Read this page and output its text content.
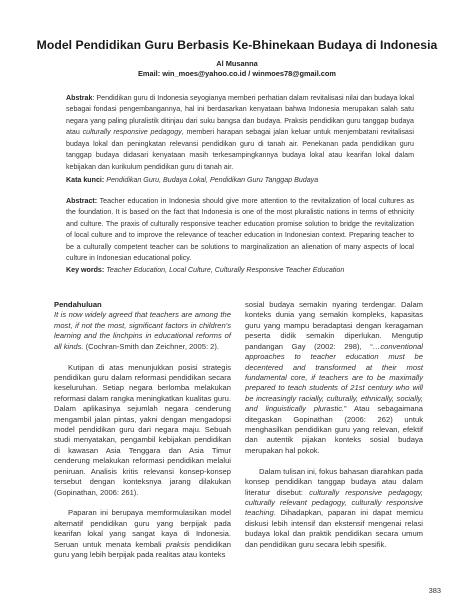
Model Pendidikan Guru Berbasis Ke-Bhinekaan Budaya di Indonesia
Al Musanna
Email: win_moes@yahoo.co.id / winmoes78@gmail.com

Abstrak: Pendidikan guru di Indonesia seyogianya memberi perhatian dalam revitalisasi nilai dan budaya lokal sebagai fondasi pengembangannya, hal ini berdasarkan kenyataan bahwa Indonesia merupakan salah satu negara yang paling pluralistik ditinjau dari suku bangsa dan budaya. Praksis pendidikan guru tanggap budaya atau culturally responsive pedagogy, memberi harapan sebagai jalan keluar untuk menjembatani revitalisasi budaya lokal dan peningkatan relevansi pendidikan guru di tanah air. Penekanan pada pendidikan guru tanggap budaya didasari kenyataan masih terkesampingkannya budaya lokal atau kearifan lokal dalam kebijakan dan kurikulum pendidikan guru di tanah air.

Kata kunci: Pendidikan Guru, Budaya Lokal, Pendidikan Guru Tanggap Budaya

Abstract: Teacher education in Indonesia should give more attention to the revitalization of local cultures as the foundation. It is based on the fact that Indonesia is one of the most pluralistic nations in terms of ethnicity and culture. The praxis of culturally responsive teacher education promise solution to bridge the revitalization of local culture and to improve the relevance of teacher education in Indonesian context. Preparing teacher to be a culturally competent teacher can be solutions to marginalization an alienation of many aspects of local culture in Indonesian educational policy.

Key words: Teacher Education, Local Culture, Culturally Responsive Teacher Education

Pendahuluan

It is now widely agreed that teachers are among the most, if not the most, significant factors in children's learning and the linchpins in educational reforms of all kinds. (Cochran-Smith dan Zeichner, 2005: 2).

Kutipan di atas menunjukkan posisi strategis pendidikan guru dalam reformasi pendidikan secara keseluruhan. Setiap negara berlomba melakukan reformasi dalam rangka meningkatkan kualitas guru. Dalam aplikasinya sejumlah negara cenderung mengambil jalan pintas, yakni dengan mengadopsi model pendidikan guru dari negara maju. Sebuah studi menyatakan, pengambil kebijakan pendidikan di kawasan Asia Tenggara dan Asia Timur cenderung melakukan reformasi pendidikan melalui peniruan. Analisis kritis relevansi konsep-konsep tersebut dengan konteksnya jarang dilakukan (Gopinathan, 2006: 261).

Paparan ini berupaya memformulasikan model alternatif pendidikan guru yang berpijak pada kearifan lokal yang sangat kaya di Indonesia. Seruan untuk menata kembali praksis pendidikan guru yang lebih berpijak pada realitas atau konteks

sosial budaya semakin nyaring terdengar. Dalam konteks dunia yang semakin kompleks, kapasitas guru yang mampu beradaptasi dengan keragaman peserta didik semakin diperlukan. Mengutip pandangan Gay (2002: 298), “…conventional approaches to teacher education must be decentered and transformed at their most fundamental core, if teachers are to be maximally prepared to teach students of 21st century who will be increasingly racially, culturally, ethnically, socially, and linguistically plurastic.” Atau sebagaimana ditegaskan Gopinathan (2006: 262) untuk menghasilkan pendidikan guru yang relevan, efektif dan autentik pijakan konteks sosial budaya merupakan hal pokok.

Dalam tulisan ini, fokus bahasan diarahkan pada konsep pendidikan tanggap budaya atau dalam literatur disebut: culturally responsive pedagogy, culturally relevant pedagogy, culturally responsive teaching. Dihadapkan, paparan ini dapat memicu diskusi lebih intensif dan ekstensif mengenai relasi budaya lokal dan praktik pendidikan secara umum dan pendidikan guru secara lebih spesifik.

383
